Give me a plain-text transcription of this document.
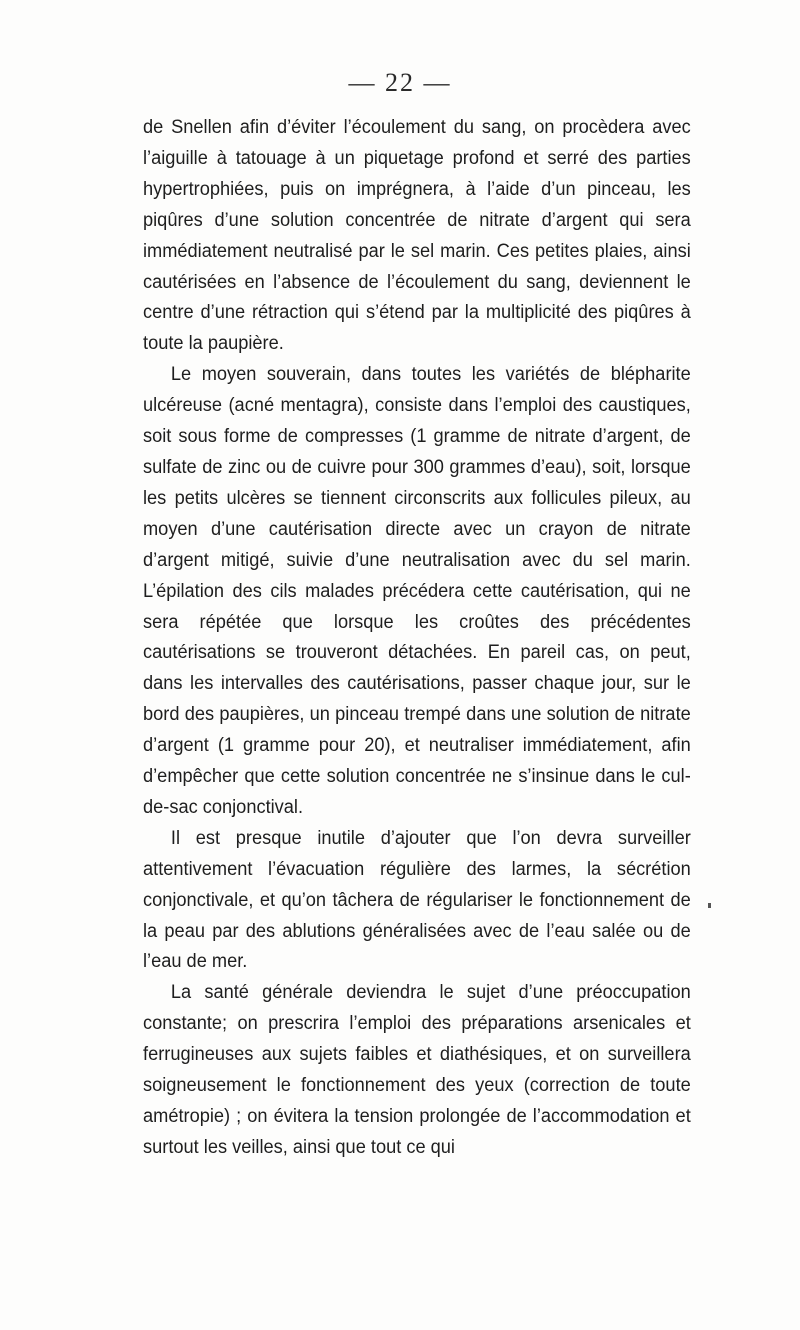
— 22 —

de Snellen afin d’éviter l’écoulement du sang, on procèdera avec l’aiguille à tatouage à un piquetage profond et serré des parties hypertrophiées, puis on imprégnera, à l’aide d’un pinceau, les piqûres d’une solution concentrée de nitrate d’argent qui sera immédiatement neutralisé par le sel marin. Ces petites plaies, ainsi cautérisées en l’absence de l’écoulement du sang, deviennent le centre d’une rétraction qui s’étend par la multiplicité des piqûres à toute la paupière.

Le moyen souverain, dans toutes les variétés de blépharite ulcéreuse (acné mentagra), consiste dans l’emploi des caustiques, soit sous forme de compresses (1 gramme de nitrate d’argent, de sulfate de zinc ou de cuivre pour 300 grammes d’eau), soit, lorsque les petits ulcères se tiennent circonscrits aux follicules pileux, au moyen d’une cautérisation directe avec un crayon de nitrate d’argent mitigé, suivie d’une neutralisation avec du sel marin. L’épilation des cils malades précédera cette cautérisation, qui ne sera répétée que lorsque les croûtes des précédentes cautérisations se trouveront détachées. En pareil cas, on peut, dans les intervalles des cautérisations, passer chaque jour, sur le bord des paupières, un pinceau trempé dans une solution de nitrate d’argent (1 gramme pour 20), et neutraliser immédiatement, afin d’empêcher que cette solution concentrée ne s’insinue dans le cul-de-sac conjonctival.

Il est presque inutile d’ajouter que l’on devra surveiller attentivement l’évacuation régulière des larmes, la sécrétion conjonctivale, et qu’on tâchera de régulariser le fonctionnement de la peau par des ablutions généralisées avec de l’eau salée ou de l’eau de mer.

La santé générale deviendra le sujet d’une préoccupation constante; on prescrira l’emploi des préparations arsenicales et ferrugineuses aux sujets faibles et diathésiques, et on surveillera soigneusement le fonctionnement des yeux (correction de toute amétropie) ; on évitera la tension prolongée de l’accommodation et surtout les veilles, ainsi que tout ce qui
